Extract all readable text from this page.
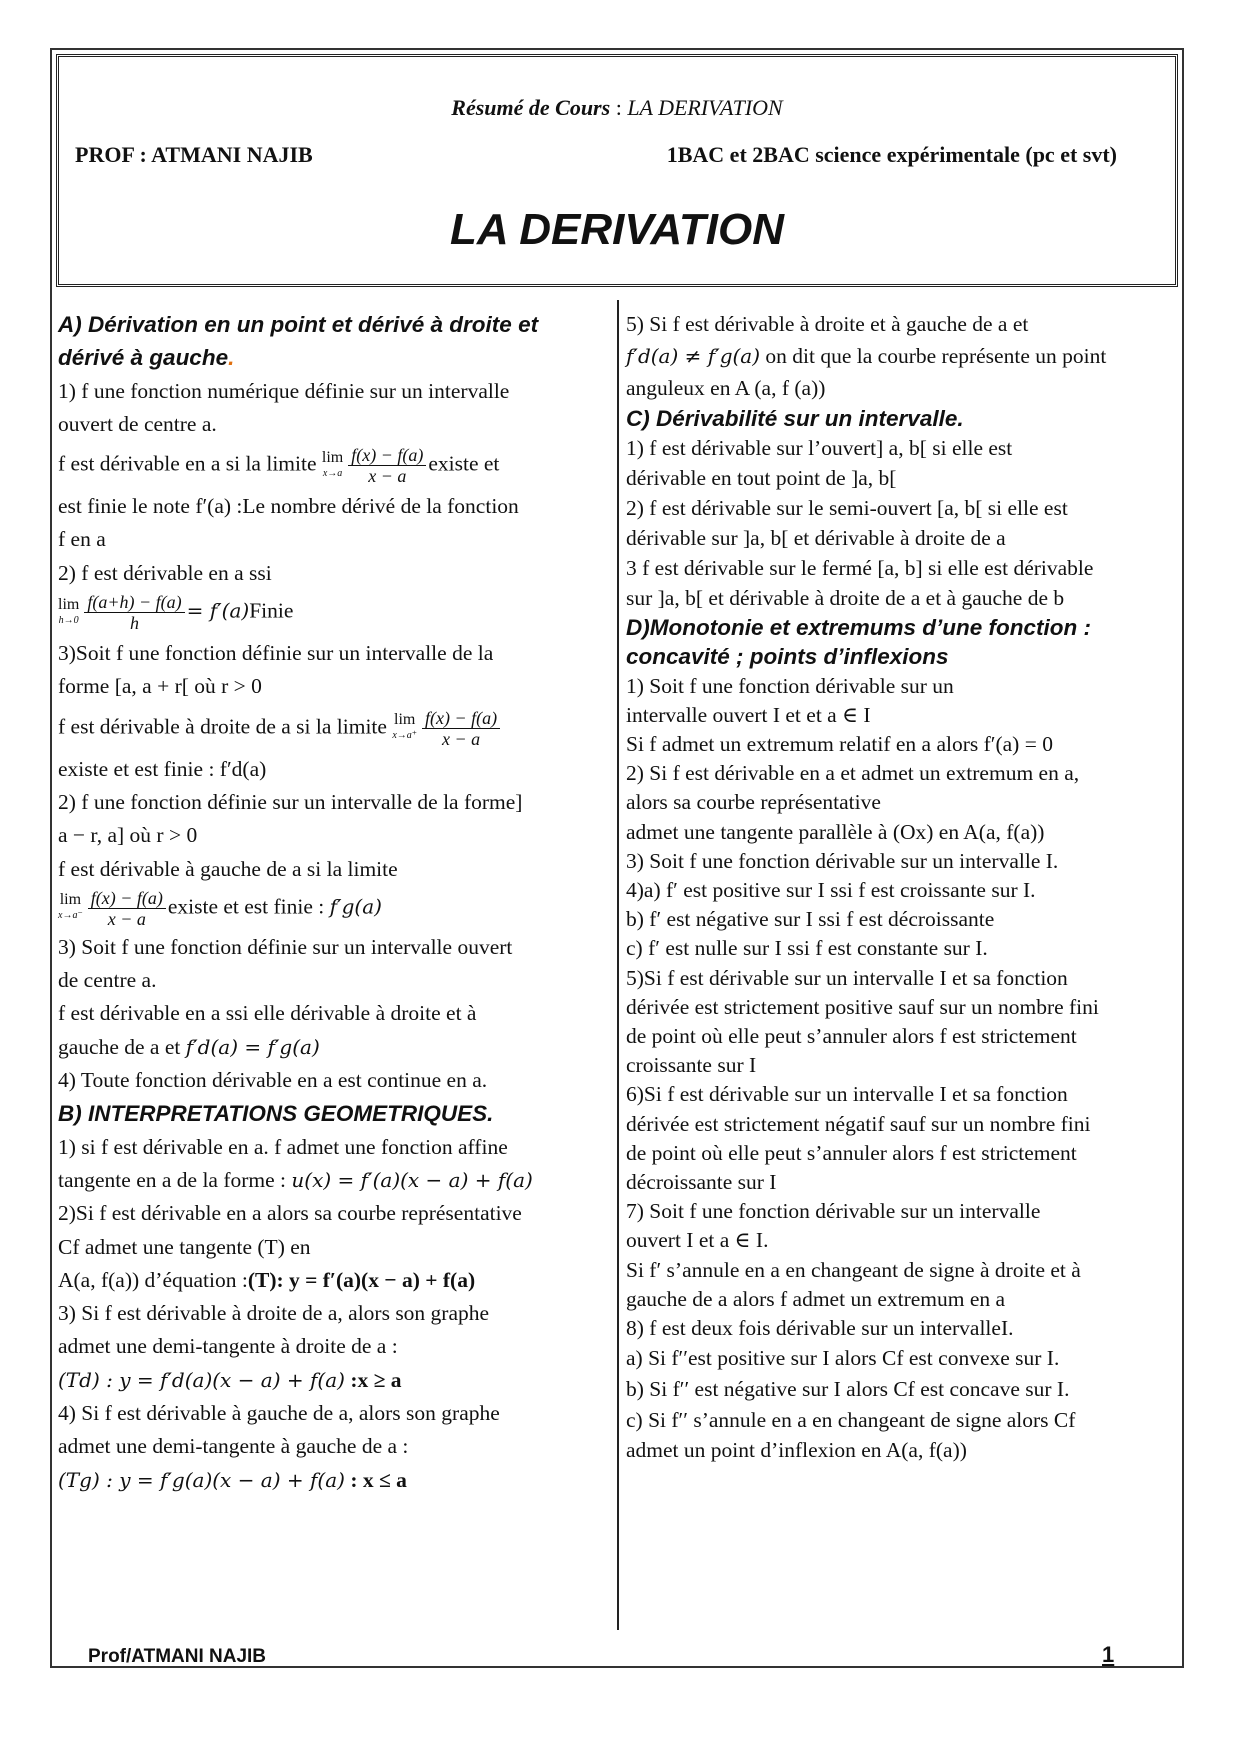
Résumé de Cours : LA DERIVATION
PROF : ATMANI NAJIB	1BAC et 2BAC science expérimentale (pc et svt)
LA DERIVATION

A) Dérivation en un point et dérivé à droite et dérivé à gauche.

1) f une fonction numérique définie sur un intervalle

ouvert de centre a.

f est dérivable en a si la limite lim
$x\to a \frac{f(x) - f(a)}{x - a}$ existe et

est finie le note f′(a) :Le nombre dérivé de la fonction

f en a

2) f est dérivable en a ssi

lim
$h\to 0 \frac{f(a+h) - f(a)}{h}$ = f′(a)Finie

3)Soit f une fonction définie sur un intervalle de la

forme [a, a + r[ où r > 0

f est dérivable à droite de a si la limite lim
$x\to a^+ \frac{f(x) - f(a)}{x - a}$

existe et est finie : f′d(a)

2) f une fonction définie sur un intervalle de la forme]

a − r, a] où r > 0

f est dérivable à gauche de a si la limite

lim
$x\to a^- \frac{f(x) - f(a)}{x - a}$ existe et est finie : f′g(a)

3) Soit f une fonction définie sur un intervalle ouvert

de centre a.

f est dérivable en a ssi elle dérivable à droite et à

gauche de a et f′d(a) = f′g(a)

4) Toute fonction dérivable en a est continue en a.

B) INTERPRETATIONS GEOMETRIQUES.

1) si f est dérivable en a. f admet une fonction affine

tangente en a de la forme : u(x) = f′(a)(x − a) + f(a)

2)Si f est dérivable en a alors sa courbe représentative

Cf admet une tangente (T) en

A(a, f(a)) d’équation :(T): y = f′(a)(x − a) + f(a)

3) Si f est dérivable à droite de a, alors son graphe

admet une demi-tangente à droite de a :

(Td) : y = f′d(a)(x − a) + f(a) :x ≥ a

4) Si f est dérivable à gauche de a, alors son graphe

admet une demi-tangente à gauche de a :

(Tg) : y = f′g(a)(x − a) + f(a) : x ≤ a

5) Si f est dérivable à droite et à gauche de a et

f′d(a) ≠ f′g(a) on dit que la courbe représente un point

anguleux en A (a, f (a))

C) Dérivabilité sur un intervalle.

1) f est dérivable sur l’ouvert] a, b[ si elle est

dérivable en tout point de ]a, b[

2) f est dérivable sur le semi-ouvert [a, b[ si elle est

dérivable sur ]a, b[ et dérivable à droite de a

3 f est dérivable sur le fermé [a, b] si elle est dérivable

sur ]a, b[ et dérivable à droite de a et à gauche de b

D)Monotonie et extremums d’une fonction :

concavité ; points d’inflexions

1) Soit f une fonction dérivable sur un

intervalle ouvert I et et a ∈ I

Si f admet un extremum relatif en a alors f′(a) = 0

2) Si f est dérivable en a et admet un extremum en a,

alors sa courbe représentative

admet une tangente parallèle à (Ox) en A(a, f(a))

3) Soit f une fonction dérivable sur un intervalle I.

4)a) f′ est positive sur I ssi f est croissante sur I.

b) f′ est négative sur I ssi f est décroissante

c) f′ est nulle sur I ssi f est constante sur I.

5)Si f est dérivable sur un intervalle I et sa fonction

dérivée est strictement positive sauf sur un nombre fini

de point où elle peut s’annuler alors f est strictement

croissante sur I

6)Si f est dérivable sur un intervalle I et sa fonction

dérivée est strictement négatif sauf sur un nombre fini

de point où elle peut s’annuler alors f est strictement

décroissante sur I

7) Soit f une fonction dérivable sur un intervalle

ouvert I et a ∈ I.

Si f′ s’annule en a en changeant de signe à droite et à

gauche de a alors f admet un extremum en a

8) f est deux fois dérivable sur un intervalleI.

a) Si f′′est positive sur I alors Cf est convexe sur I.

b) Si f′′ est négative sur I alors Cf est concave sur I.

c) Si f′′ s’annule en a en changeant de signe alors Cf

admet un point d’inflexion en A(a, f(a))

Prof/ATMANI NAJIB	1
